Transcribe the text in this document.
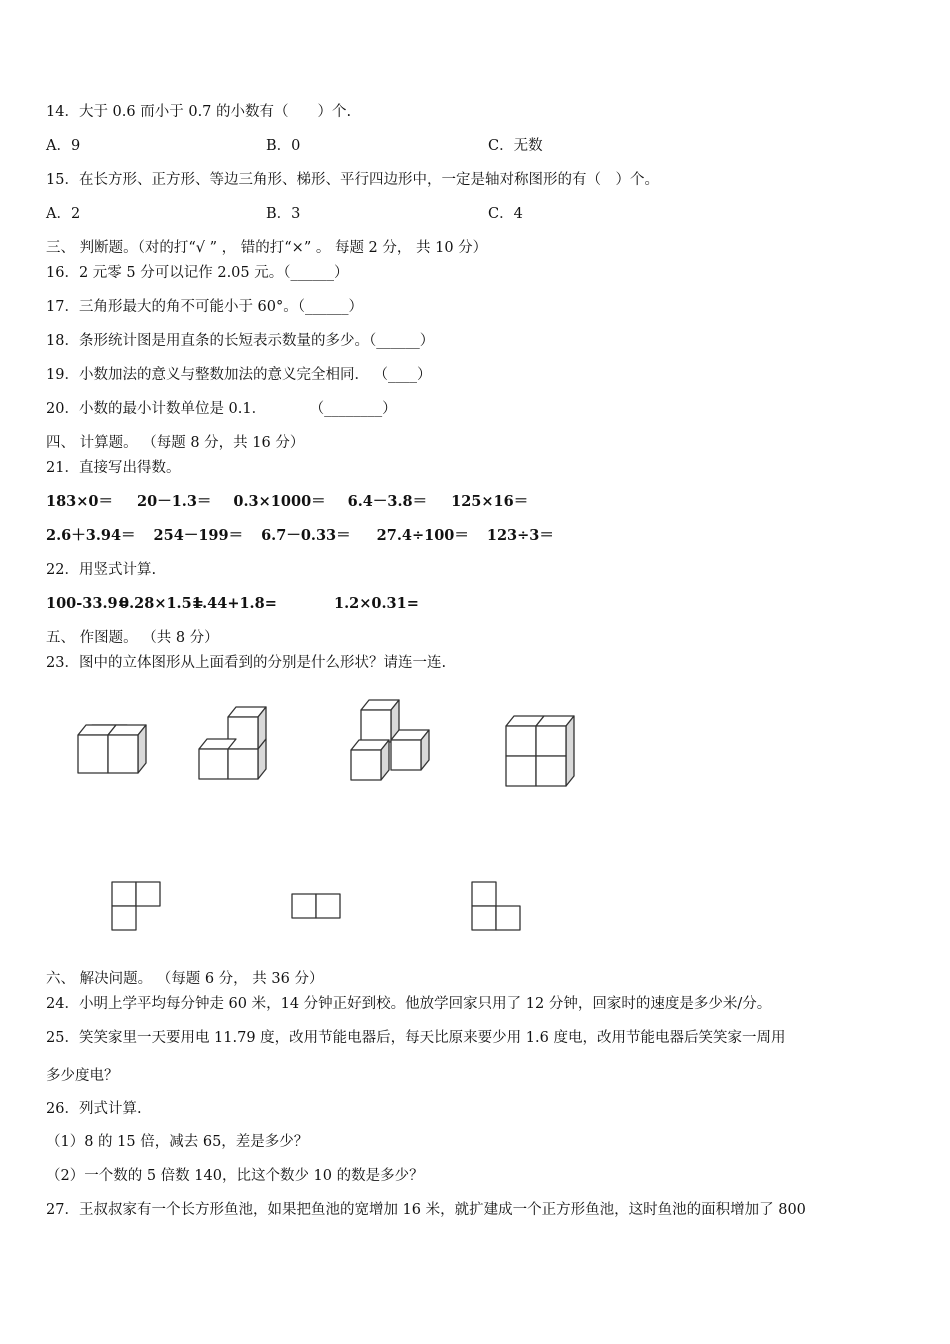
14．大于 0.6 而小于 0.7 的小数有（　　）个.
A．9	B．0	C．无数
15．在长方形、正方形、等边三角形、梯形、平行四边形中，一定是轴对称图形的有（　）个。
A．2	B．3	C．4
三、 判断题。（对的打“√ ” ， 错的打“×” 。 每题 2 分， 共 10 分）
16．2 元零 5 分可以记作 2.05 元。（______）
17．三角形最大的角不可能小于 60°。（______）
18．条形统计图是用直条的长短表示数量的多少。（______）
19．小数加法的意义与整数加法的意义完全相同． （____）
20．小数的最小计数单位是 0.1．　　　　（________）
四、 计算题。 （每题 8 分，共 16 分）
21．直接写出得数。
183×0＝ 20－1.3＝ 0.3×1000＝ 6.4－3.8＝ 125×16＝
2.6＋3.94＝ 254－199＝ 6.7－0.33＝ 27.4÷100＝ 123÷3＝
22．用竖式计算.
100-33.9=
0.28×1.5=
1.44+1.8=	1.2×0.31=
五、 作图题。 （共 8 分）
23．图中的立体图形从上面看到的分别是什么形状？请连一连.
六、 解决问题。 （每题 6 分， 共 36 分）
24．小明上学平均每分钟走 60 米，14 分钟正好到校。他放学回家只用了 12 分钟，回家时的速度是多少米/分。
25．笑笑家里一天要用电 11.79 度，改用节能电器后，每天比原来要少用 1.6 度电，改用节能电器后笑笑家一周用
多少度电？
26．列式计算.
（1）8 的 15 倍，减去 65，差是多少？
（2）一个数的 5 倍数 140，比这个数少 10 的数是多少？
27．王叔叔家有一个长方形鱼池，如果把鱼池的宽增加 16 米，就扩建成一个正方形鱼池，这时鱼池的面积增加了 800
